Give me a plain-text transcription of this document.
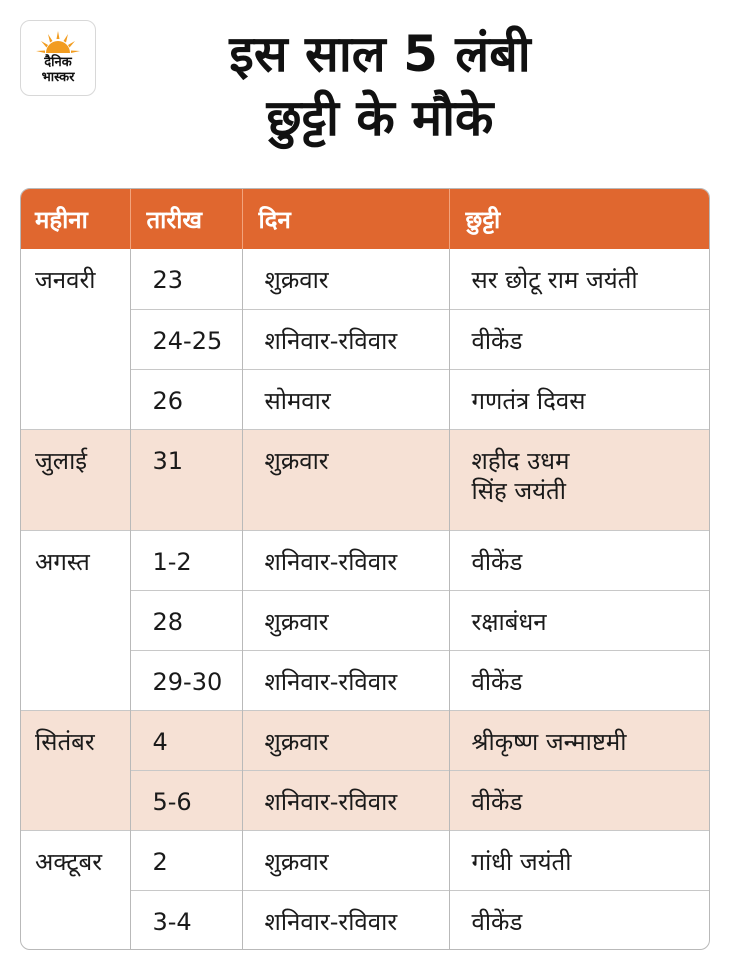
दैनिक
भास्कर	इस साल 5 लंबी
छुट्टी के मौके
महीना	तारीख	दिन	छुट्टी
जनवरी	23	शुक्रवार	सर छोटू राम जयंती
	24-25	शनिवार-रविवार	वीकेंड
	26	सोमवार	गणतंत्र दिवस
जुलाई	31	शुक्रवार	शहीद उधम
सिंह जयंती

अगस्त	1-2	शनिवार-रविवार	वीकेंड
	28	शुक्रवार	रक्षाबंधन
	29-30	शनिवार-रविवार	वीकेंड
सितंबर	4	शुक्रवार	श्रीकृष्ण जन्माष्टमी
	5-6	शनिवार-रविवार	वीकेंड
अक्टूबर	2	शुक्रवार	गांधी जयंती
	3-4	शनिवार-रविवार	वीकेंड
